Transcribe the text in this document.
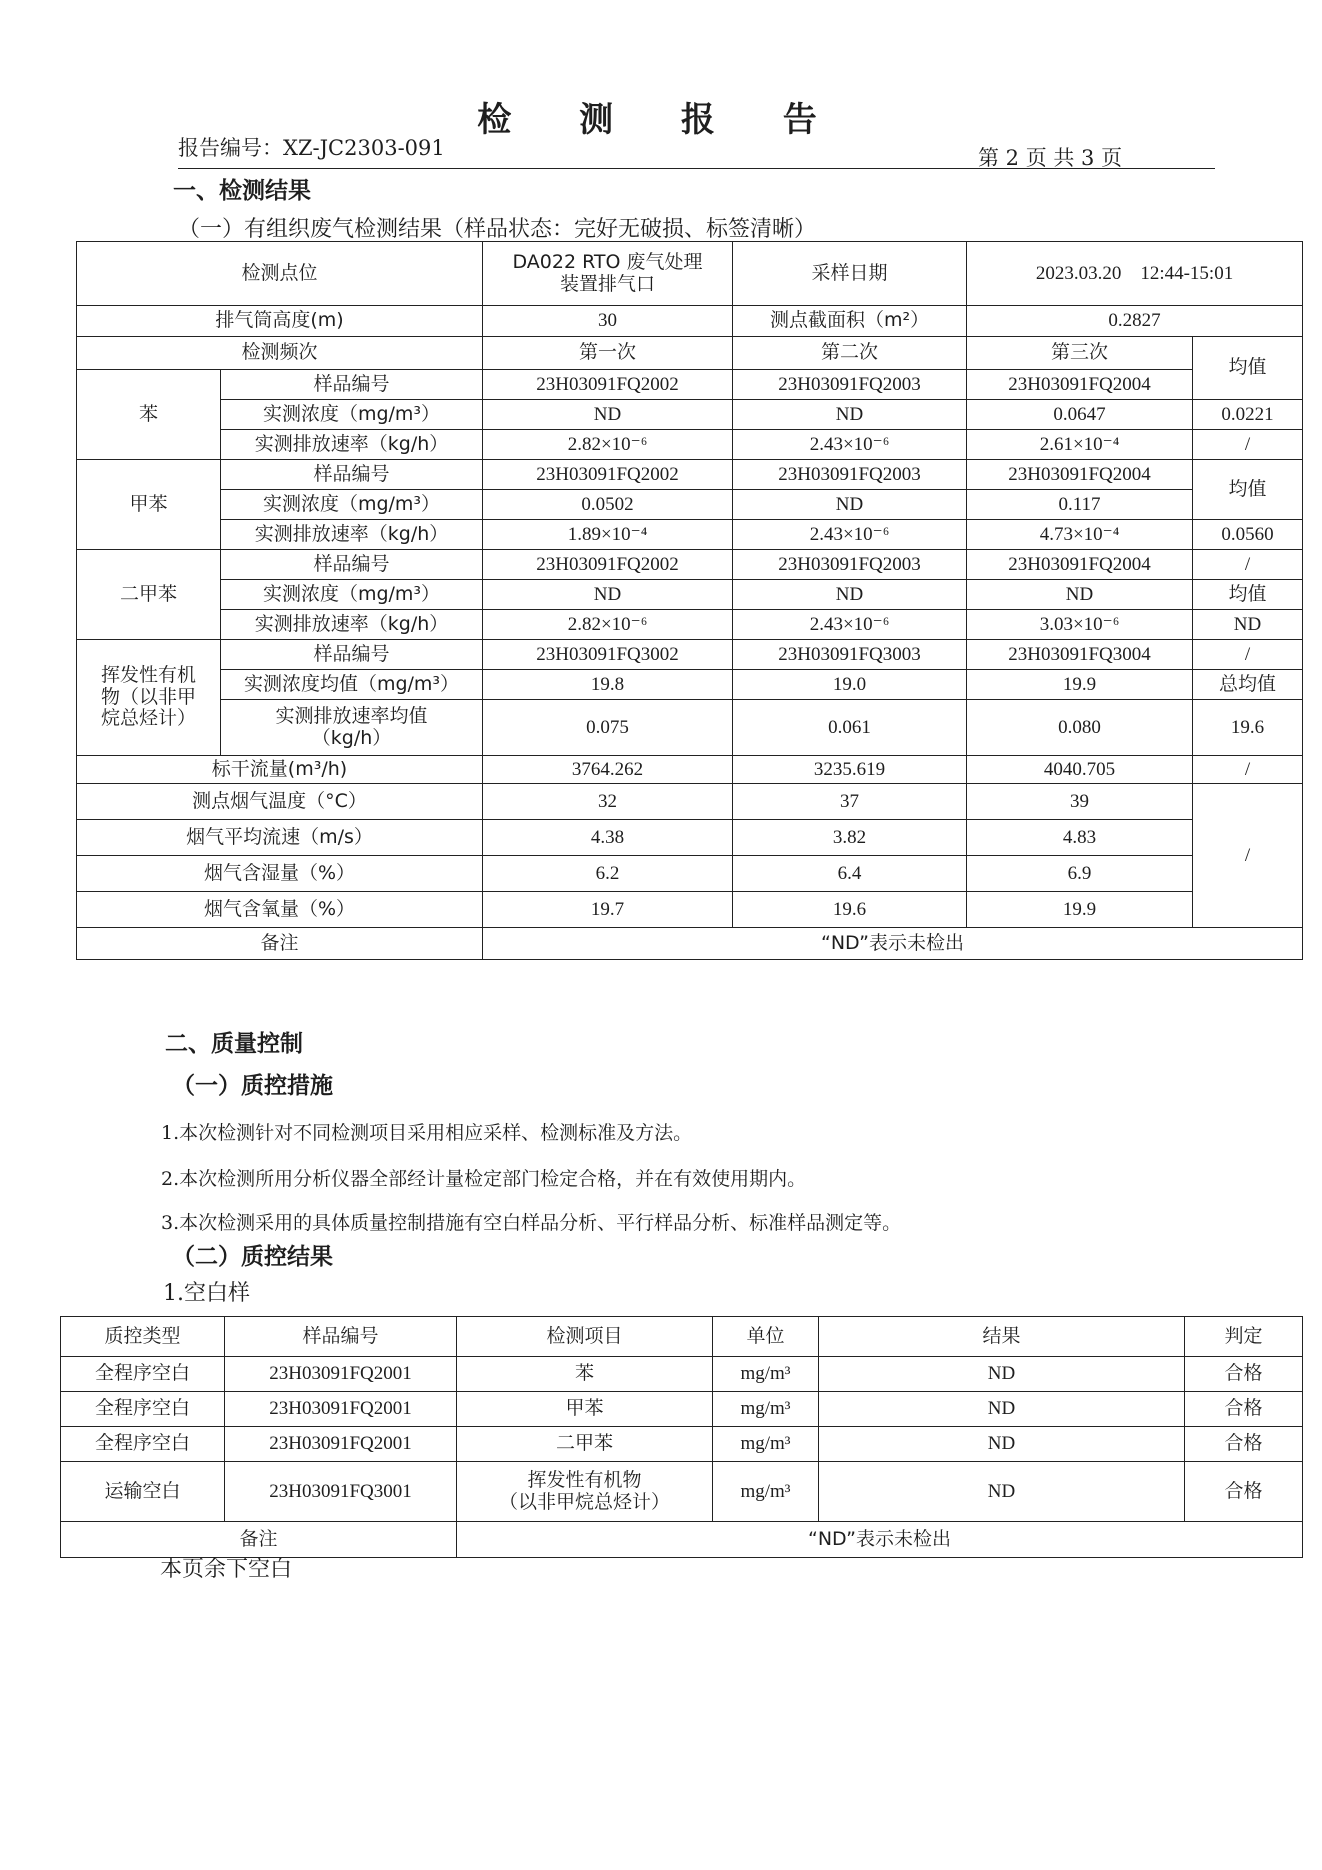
检 测 报 告
报告编号：XZ-JC2303-091	第 2 页 共 3 页
一、检测结果
（一）有组织废气检测结果（样品状态：完好无破损、标签清晰）
检测点位		DA022 RTO 废气处理
装置排气口	采样日期	2023.03.20　12:44-15:01	
排气筒高度(m)		30	测点截面积（m²）	0.2827	
检测频次		第一次	第二次	第三次	均值
苯	样品编号	23H03091FQ2002	23H03091FQ2003	23H03091FQ2004	
	实测浓度（mg/m³）	ND	ND	0.0647	0.0221
	实测排放速率（kg/h）	2.82×10⁻⁶	2.43×10⁻⁶	2.61×10⁻⁴	/
甲苯	样品编号	23H03091FQ2002	23H03091FQ2003	23H03091FQ2004	均值
	实测浓度（mg/m³）	0.0502	ND	0.117	
	实测排放速率（kg/h）	1.89×10⁻⁴	2.43×10⁻⁶	4.73×10⁻⁴	0.0560
二甲苯	样品编号	23H03091FQ2002	23H03091FQ2003	23H03091FQ2004	/
	实测浓度（mg/m³）	ND	ND	ND	均值
	实测排放速率（kg/h）	2.82×10⁻⁶	2.43×10⁻⁶	3.03×10⁻⁶	ND
挥发性有机
物（以非甲
烷总烃计）	样品编号	23H03091FQ3002	23H03091FQ3003	23H03091FQ3004	/
	实测浓度均值（mg/m³）	19.8	19.0	19.9	总均值
	实测排放速率均值
（kg/h）	0.075	0.061	0.080	19.6
标干流量(m³/h)		3764.262	3235.619	4040.705	/
测点烟气温度（°C）		32	37	39	/
烟气平均流速（m/s）		4.38	3.82	4.83	
烟气含湿量（%）		6.2	6.4	6.9	
烟气含氧量（%）		19.7	19.6	19.9	
备注		“ND”表示未检出			
二、质量控制
（一）质控措施
1.本次检测针对不同检测项目采用相应采样、检测标准及方法。
2.本次检测所用分析仪器全部经计量检定部门检定合格，并在有效使用期内。
3.本次检测采用的具体质量控制措施有空白样品分析、平行样品分析、标准样品测定等。
（二）质控结果
1.空白样
质控类型	样品编号	检测项目	单位	结果	判定
全程序空白	23H03091FQ2001	苯	mg/m³	ND	合格
全程序空白	23H03091FQ2001	甲苯	mg/m³	ND	合格
全程序空白	23H03091FQ2001	二甲苯	mg/m³	ND	合格
运输空白	23H03091FQ3001	挥发性有机物
（以非甲烷总烃计）	mg/m³	ND	合格
备注		“ND”表示未检出			
本页余下空白
